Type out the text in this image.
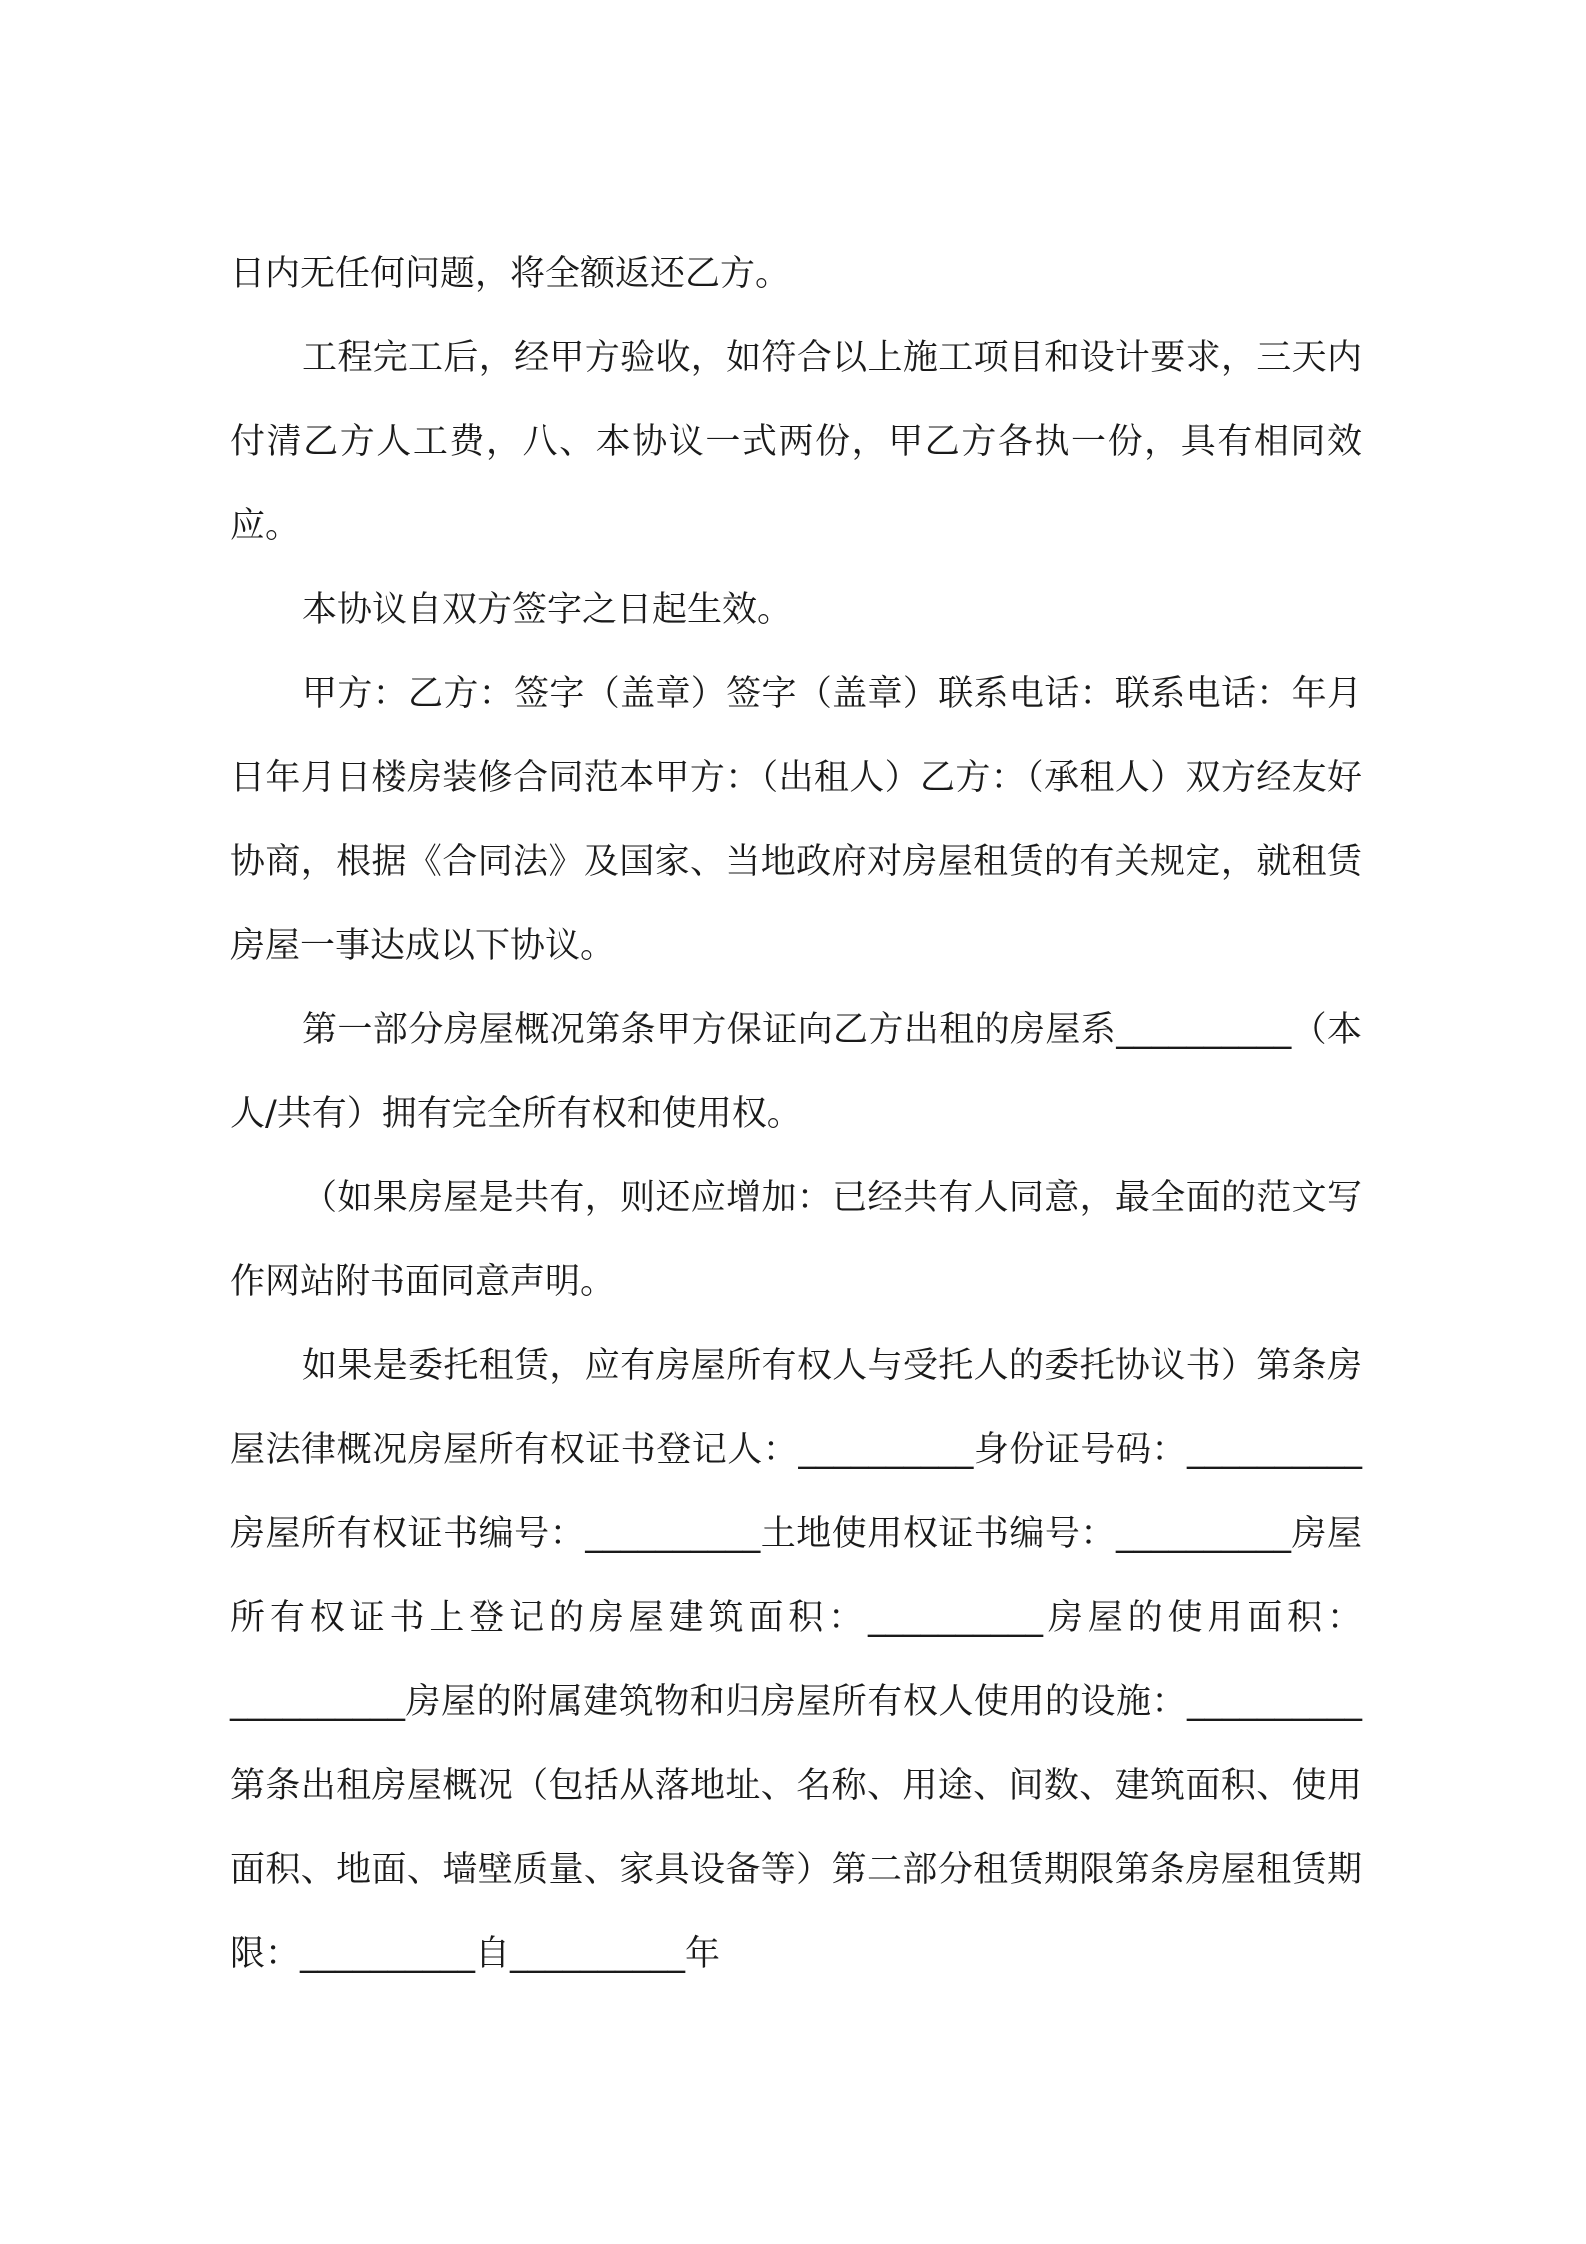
日内无任何问题，将全额返还乙方。

工程完工后，经甲方验收，如符合以上施工项目和设计要求，三天内付清乙方人工费，八、本协议一式两份，甲乙方各执一份，具有相同效应。

本协议自双方签字之日起生效。

甲方：乙方：签字（盖章）签字（盖章）联系电话：联系电话：年月日年月日楼房装修合同范本甲方：（出租人）乙方：（承租人）双方经友好协商，根据《合同法》及国家、当地政府对房屋租赁的有关规定，就租赁房屋一事达成以下协议。

第一部分房屋概况第条甲方保证向乙方出租的房屋系__________（本人/共有）拥有完全所有权和使用权。

（如果房屋是共有，则还应增加：已经共有人同意，最全面的范文写作网站附书面同意声明。

如果是委托租赁，应有房屋所有权人与受托人的委托协议书）第条房屋法律概况房屋所有权证书登记人：__________身份证号码：__________房屋所有权证书编号：__________土地使用权证书编号：__________房屋所有权证书上登记的房屋建筑面积：__________房屋的使用面积：__________房屋的附属建筑物和归房屋所有权人使用的设施：__________第条出租房屋概况（包括从落地址、名称、用途、间数、建筑面积、使用面积、地面、墙壁质量、家具设备等）第二部分租赁期限第条房屋租赁期限：__________自__________年
